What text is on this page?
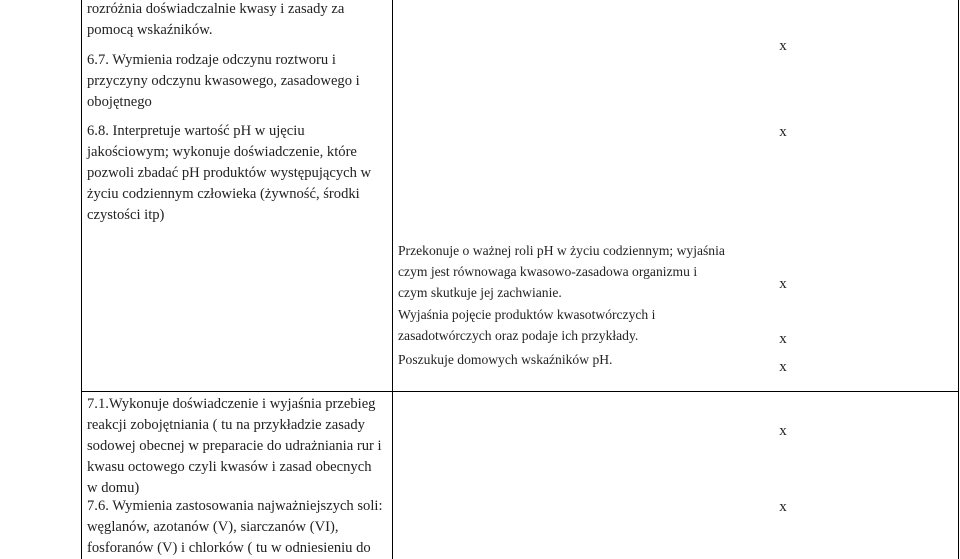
rozróżnia doświadczalnie kwasy i zasady za
pomocą wskaźników.
6.7. Wymienia rodzaje odczynu roztworu i
przyczyny odczynu kwasowego, zasadowego i
obojętnego
6.8. Interpretuje wartość pH w ujęciu
jakościowym; wykonuje doświadczenie, które
pozwoli zbadać pH produktów występujących w
życiu codziennym człowieka (żywność, środki
czystości itp)
7.1.Wykonuje doświadczenie i wyjaśnia przebieg
reakcji zobojętniania ( tu na przykładzie zasady
sodowej obecnej w preparacie do udrażniania rur i
kwasu octowego czyli kwasów i zasad obecnych
w domu)
7.6. Wymienia zastosowania najważniejszych soli:
węglanów, azotanów (V), siarczanów (VI),
fosforanów (V) i chlorków ( tu w odniesieniu do
Przekonuje o ważnej roli pH w życiu codziennym; wyjaśnia
czym jest równowaga kwasowo-zasadowa organizmu i
czym skutkuje jej zachwianie.
Wyjaśnia pojęcie produktów kwasotwórczych i
zasadotwórczych oraz podaje ich przykłady.
Poszukuje domowych wskaźników pH.
x
x
x
x
x
x
x
